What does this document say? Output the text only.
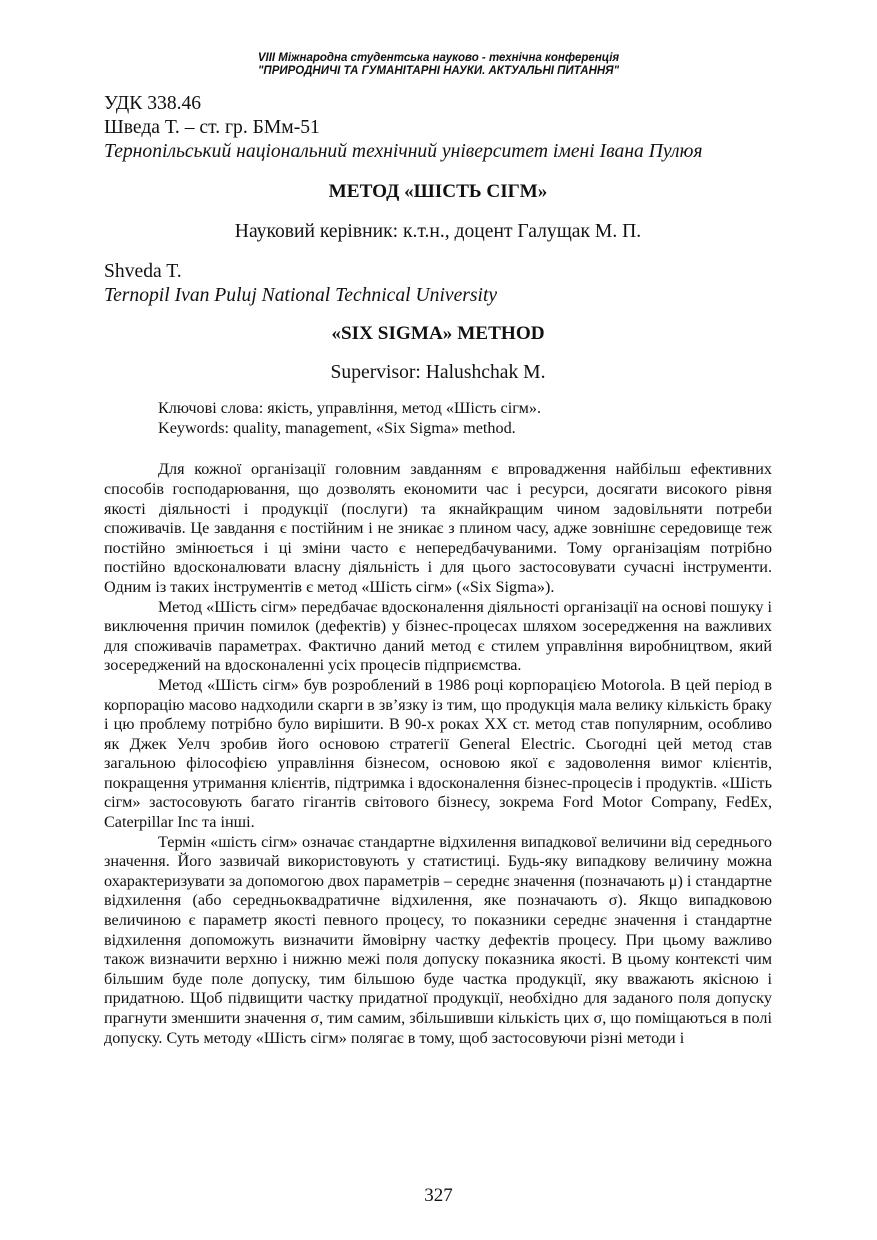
VIII Міжнародна студентська науково - технічна конференція
"ПРИРОДНИЧІ ТА ГУМАНІТАРНІ НАУКИ. АКТУАЛЬНІ ПИТАННЯ"
УДК 338.46
Шведа Т. – ст. гр. БМм-51
Тернопільський національний технічний університет імені Івана Пулюя
МЕТОД «ШІСТЬ СІГМ»
Науковий керівник: к.т.н., доцент Галущак М. П.
Shveda T.
Ternopil Ivan Puluj National Technical University
«SIX SIGMA» METHOD
Supervisor: Halushchak M.
Ключові слова: якість, управління, метод «Шість сігм».
Keywords: quality, management, «Six Sigma» method.

Для кожної організації головним завданням є впровадження найбільш ефективних способів господарювання, що дозволять економити час і ресурси, досягати високого рівня якості діяльності і продукції (послуги) та якнайкращим чином задовільняти потреби споживачів. Це завдання є постійним і не зникає з плином часу, адже зовнішнє середовище теж постійно змінюється і ці зміни часто є непередбачуваними. Тому організаціям потрібно постійно вдосконалювати власну діяльність і для цього застосовувати сучасні інструменти. Одним із таких інструментів є метод «Шість сігм» («Six Sigma»).

Метод «Шість сігм» передбачає вдосконалення діяльності організації на основі пошуку і виключення причин помилок (дефектів) у бізнес-процесах шляхом зосередження на важливих для споживачів параметрах. Фактично даний метод є стилем управління виробництвом, який зосереджений на вдосконаленні усіх процесів підприємства.

Метод «Шість сігм» був розроблений в 1986 році корпорацією Motorola. В цей період в корпорацію масово надходили скарги в зв’язку із тим, що продукція мала велику кількість браку і цю проблему потрібно було вирішити. В 90-х роках XX ст. метод став популярним, особливо як Джек Уелч зробив його основою стратегії General Electric. Сьогодні цей метод став загальною філософією управління бізнесом, основою якої є задоволення вимог клієнтів, покращення утримання клієнтів, підтримка і вдосконалення бізнес-процесів і продуктів. «Шість сігм» застосовують багато гігантів світового бізнесу, зокрема Ford Motor Company, FedEx, Caterpillar Inc та інші.

Термін «шість сігм» означає стандартне відхилення випадкової величини від середнього значення. Його зазвичай використовують у статистиці. Будь-яку випадкову величину можна охарактеризувати за допомогою двох параметрів – середнє значення (позначають μ) і стандартне відхилення (або середньоквадратичне відхилення, яке позначають σ). Якщо випадковою величиною є параметр якості певного процесу, то показники середнє значення і стандартне відхилення допоможуть визначити ймовірну частку дефектів процесу. При цьому важливо також визначити верхню і нижню межі поля допуску показника якості. В цьому контексті чим більшим буде поле допуску, тим більшою буде частка продукції, яку вважають якісною і придатною. Щоб підвищити частку придатної продукції, необхідно для заданого поля допуску прагнути зменшити значення σ, тим самим, збільшивши кількість цих σ, що поміщаються в полі допуску. Суть методу «Шість сігм» полягає в тому, щоб застосовуючи різні методи і

327
